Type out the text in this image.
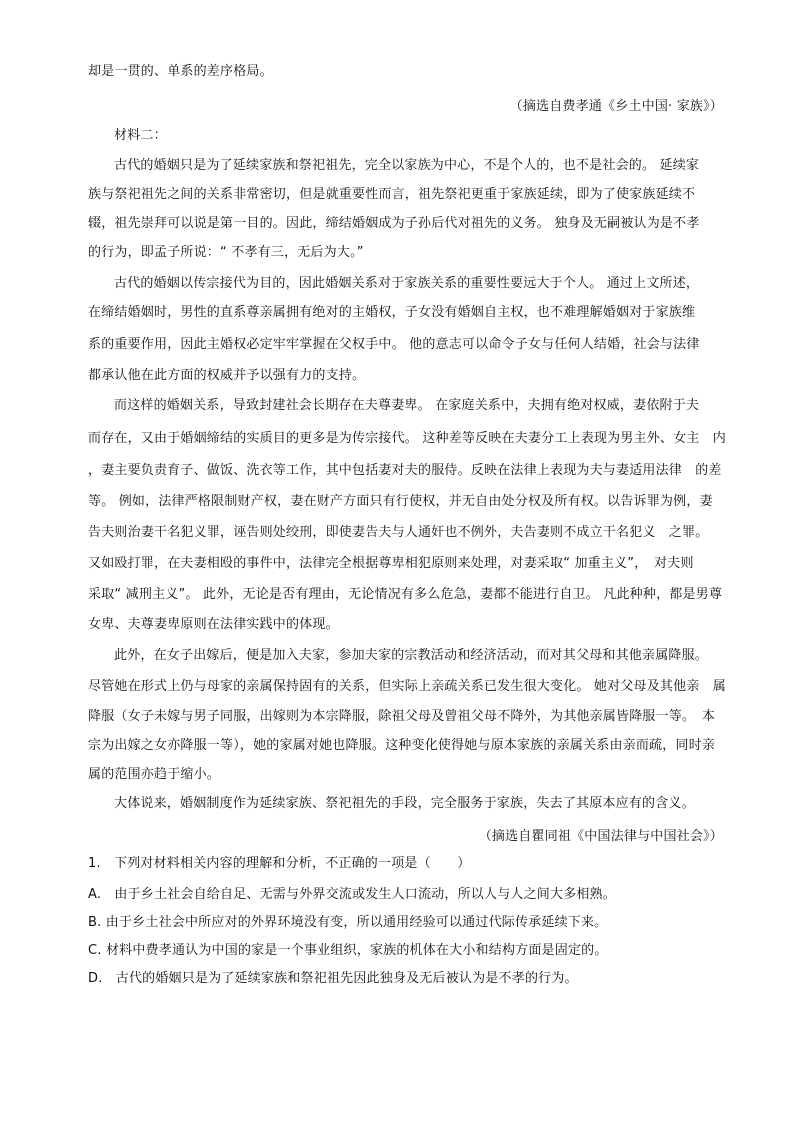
却是一贯的、单系的差序格局。
（摘选自费孝通《乡土中国· 家族》）
材料二：
古代的婚姻只是为了延续家族和祭祀祖先，完全以家族为中心，不是个人的，也不是社会的。 延续家
族与祭祀祖先之间的关系非常密切，但是就重要性而言，祖先祭祀更重于家族延续，即为了使家族延续不
辍，祖先崇拜可以说是第一目的。因此，缔结婚姻成为子孙后代对祖先的义务。 独身及无嗣被认为是不孝
的行为，即孟子所说：“ 不孝有三，无后为大。”
古代的婚姻以传宗接代为目的，因此婚姻关系对于家族关系的重要性要远大于个人。 通过上文所述，
在缔结婚姻时，男性的直系尊亲属拥有绝对的主婚权，子女没有婚姻自主权，也不难理解婚姻对于家族维
系的重要作用，因此主婚权必定牢牢掌握在父权手中。 他的意志可以命令子女与任何人结婚，社会与法律
都承认他在此方面的权威并予以强有力的支持。
而这样的婚姻关系，导致封建社会长期存在夫尊妻卑。 在家庭关系中，夫拥有绝对权威，妻依附于夫
而存在，又由于婚姻缔结的实质目的更多是为传宗接代。 这种差等反映在夫妻分工上表现为男主外、女主　内
，妻主要负责育子、做饭、洗衣等工作，其中包括妻对夫的服侍。反映在法律上表现为夫与妻适用法律　的差
等。 例如，法律严格限制财产权，妻在财产方面只有行使权，并无自由处分权及所有权。以告诉罪为例，妻
告夫则治妻干名犯义罪，诬告则处绞刑，即使妻告夫与人通奸也不例外，夫告妻则不成立干名犯义　之罪。
又如殴打罪，在夫妻相殴的事件中，法律完全根据尊卑相犯原则来处理，对妻采取“ 加重主义”，　对夫则
采取“ 减刑主义”。 此外，无论是否有理由，无论情况有多么危急，妻都不能进行自卫。 凡此种种，都是男尊
女卑、夫尊妻卑原则在法律实践中的体现。
此外，在女子出嫁后，便是加入夫家，参加夫家的宗教活动和经济活动，而对其父母和其他亲属降服。
尽管她在形式上仍与母家的亲属保持固有的关系，但实际上亲疏关系已发生很大变化。 她对父母及其他亲　属
降服（女子未嫁与男子同服，出嫁则为本宗降服，除祖父母及曾祖父母不降外，为其他亲属皆降服一等。　本
宗为出嫁之女亦降服一等），她的家属对她也降服。这种变化使得她与原本家族的亲属关系由亲而疏，同时亲
属的范围亦趋于缩小。
大体说来，婚姻制度作为延续家族、祭祀祖先的手段，完全服务于家族，失去了其原本应有的含义。
（摘选自瞿同祖《中国法律与中国社会》）
1.　下列对材料相关内容的理解和分析，不正确的一项是（　　）
A.　由于乡土社会自给自足、无需与外界交流或发生人口流动，所以人与人之间大多相熟。
B. 由于乡土社会中所应对的外界环境没有变，所以通用经验可以通过代际传承延续下来。
C. 材料中费孝通认为中国的家是一个事业组织，家族的机体在大小和结构方面是固定的。
D.　古代的婚姻只是为了延续家族和祭祀祖先因此独身及无后被认为是不孝的行为。
